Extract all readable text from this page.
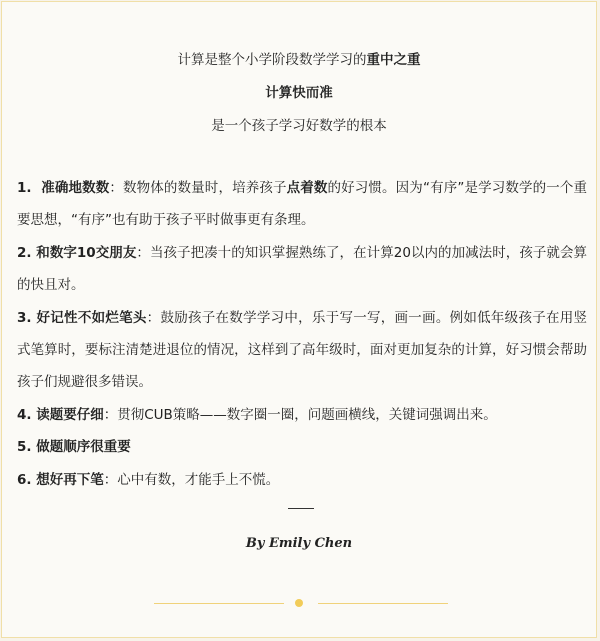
计算是整个小学阶段数学学习的重中之重
计算快而准
是一个孩子学习好数学的根本

1. 准确地数数：数物体的数量时，培养孩子点着数的好习惯。因为“有序”是学习数学的一个重要思想，“有序”也有助于孩子平时做事更有条理。

2. 和数字10交朋友：当孩子把凑十的知识掌握熟练了，在计算20以内的加减法时，孩子就会算的快且对。

3. 好记性不如烂笔头：鼓励孩子在数学学习中，乐于写一写，画一画。例如低年级孩子在用竖式笔算时，要标注清楚进退位的情况，这样到了高年级时，面对更加复杂的计算，好习惯会帮助孩子们规避很多错误。

4. 读题要仔细：贯彻CUB策略——数字圈一圈，问题画横线，关键词强调出来。

5. 做题顺序很重要

6. 想好再下笔：心中有数，才能手上不慌。

By Emily Chen
